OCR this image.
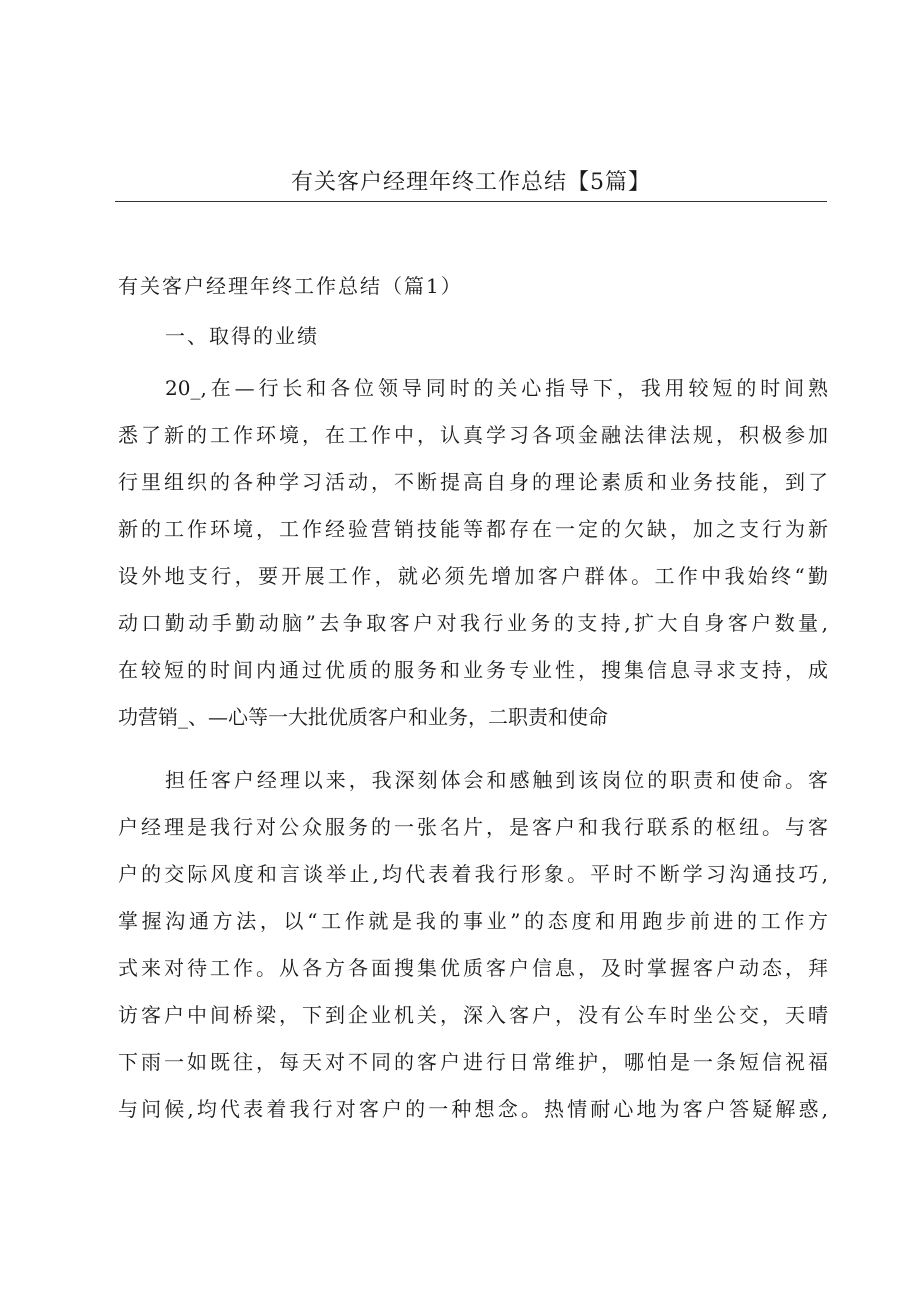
有关客户经理年终工作总结【5篇】
有关客户经理年终工作总结（篇1）
一、取得的业绩

20_,在—行长和各位领导同时的关心指导下，我用较短的时间熟
悉了新的工作环境，在工作中，认真学习各项金融法律法规，积极参加
行里组织的各种学习活动，不断提高自身的理论素质和业务技能，到了
新的工作环境，工作经验营销技能等都存在一定的欠缺，加之支行为新
设外地支行，要开展工作，就必须先增加客户群体。工作中我始终“勤
动口勤动手勤动脑”去争取客户对我行业务的支持,扩大自身客户数量,
在较短的时间内通过优质的服务和业务专业性，搜集信息寻求支持，成
功营销_、—心等一大批优质客户和业务，二职责和使命

担任客户经理以来，我深刻体会和感触到该岗位的职责和使命。客
户经理是我行对公众服务的一张名片，是客户和我行联系的枢纽。与客
户的交际风度和言谈举止,均代表着我行形象。平时不断学习沟通技巧,
掌握沟通方法，以“工作就是我的事业”的态度和用跑步前进的工作方
式来对待工作。从各方各面搜集优质客户信息，及时掌握客户动态，拜
访客户中间桥梁，下到企业机关，深入客户，没有公车时坐公交，天晴
下雨一如既往，每天对不同的客户进行日常维护，哪怕是一条短信祝福
与问候,均代表着我行对客户的一种想念。热情耐心地为客户答疑解惑,
